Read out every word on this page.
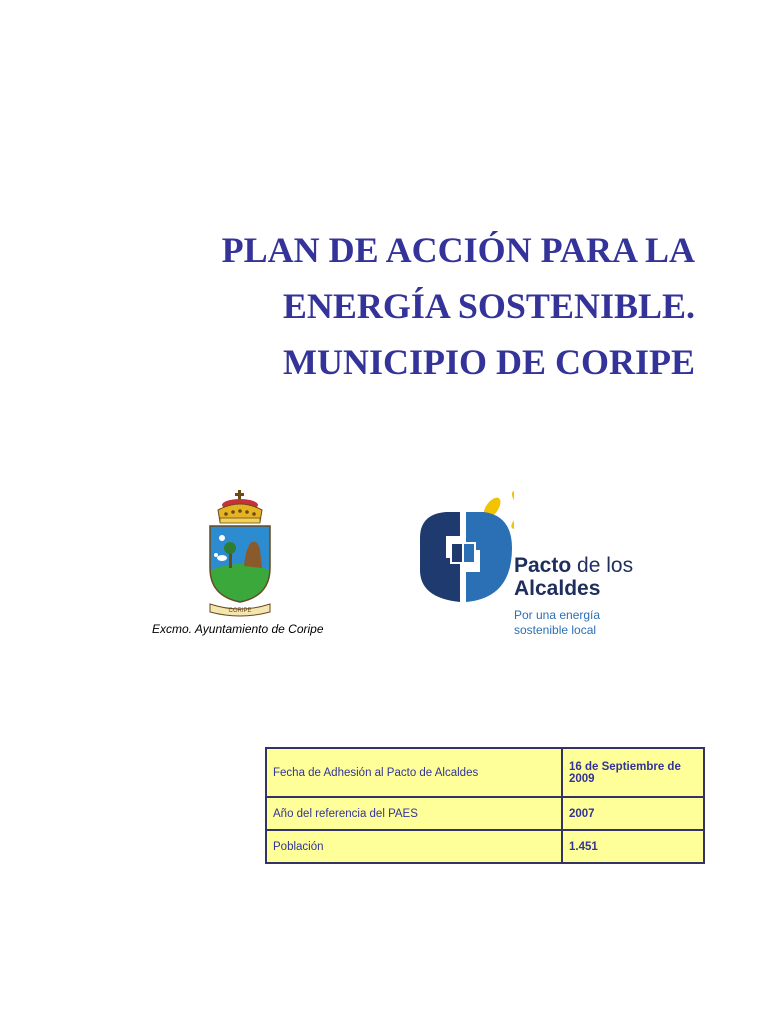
PLAN DE ACCIÓN PARA LA
ENERGÍA SOSTENIBLE.
MUNICIPIO DE CORIPE
CORIPE
Excmo. Ayuntamiento de Coripe
Pacto de los
Alcaldes
Por una energía
sostenible local
Fecha de Adhesión al Pacto de Alcaldes	16 de Septiembre de 2009
Año del referencia del PAES	2007
Población	1.451
